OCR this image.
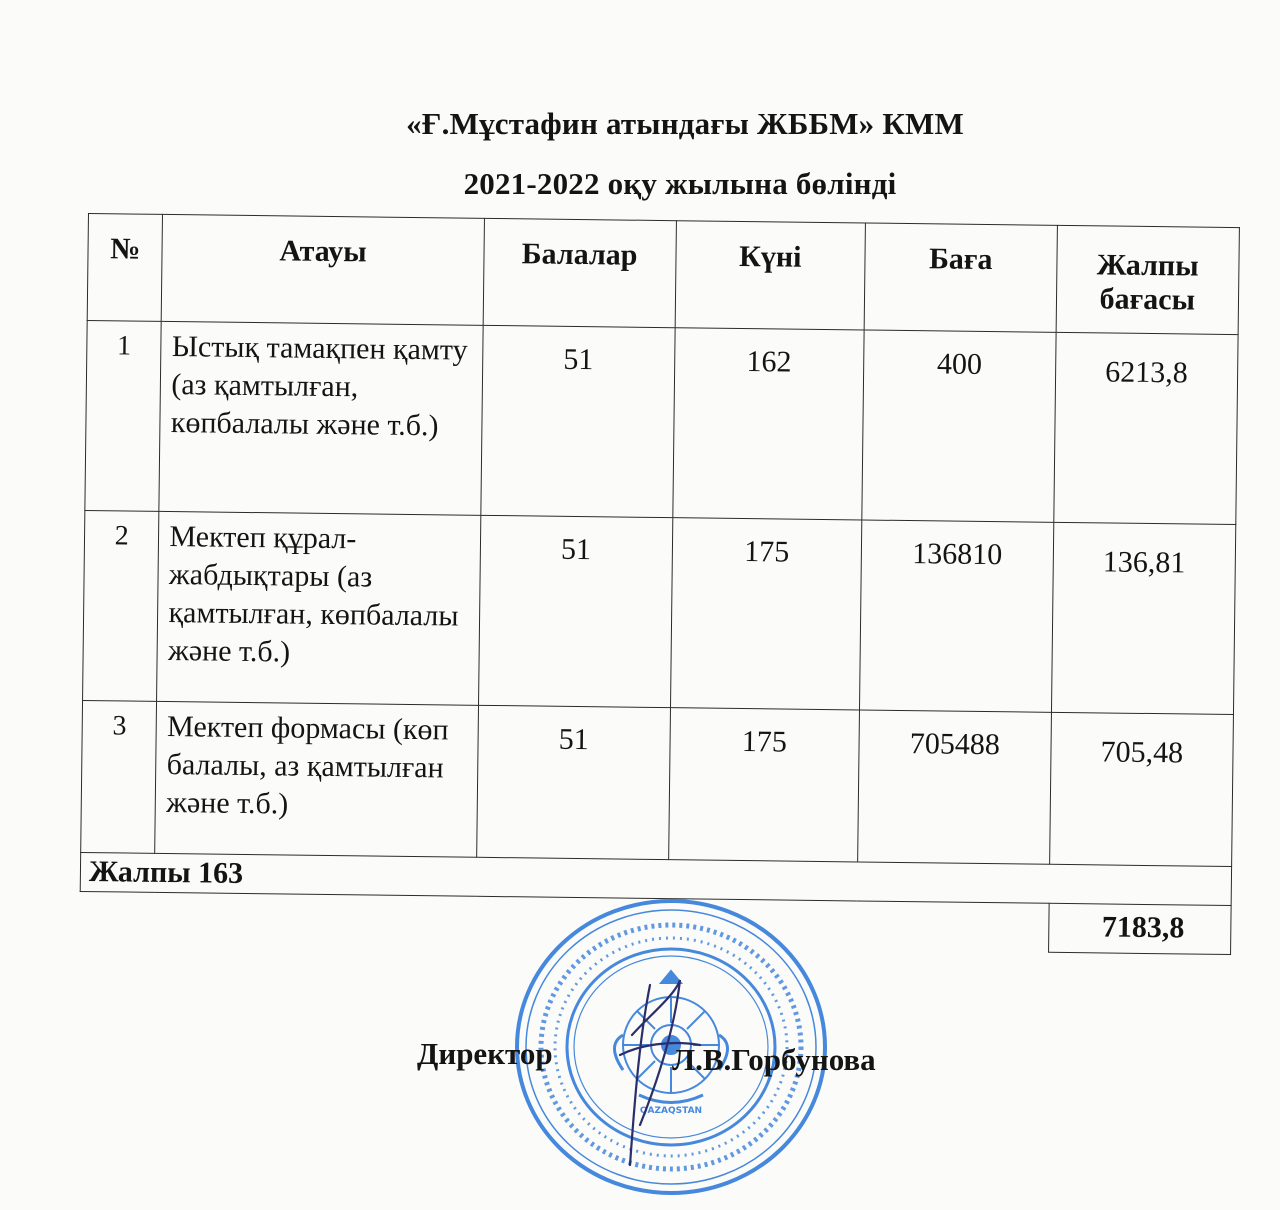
«Ғ.Мұстафин атындағы ЖББМ» КММ
2021-2022 оқу жылына бөлінді
№	Атауы	Балалар	Күні	Баға	Жалпы бағасы
1	Ыстық тамақпен қамту (аз қамтылған, көпбалалы және т.б.)	51	162	400	6213,8
2	Мектеп құрал-жабдықтары (аз қамтылған, көпбалалы және т.б.)	51	175	136810	136,81
3	Мектеп формасы (көп балалы, аз қамтылған және т.б.)	51	175	705488	705,48
Жалпы 163					
					7183,8
QAZAQSTAN
Директор	Л.В.Горбунова
